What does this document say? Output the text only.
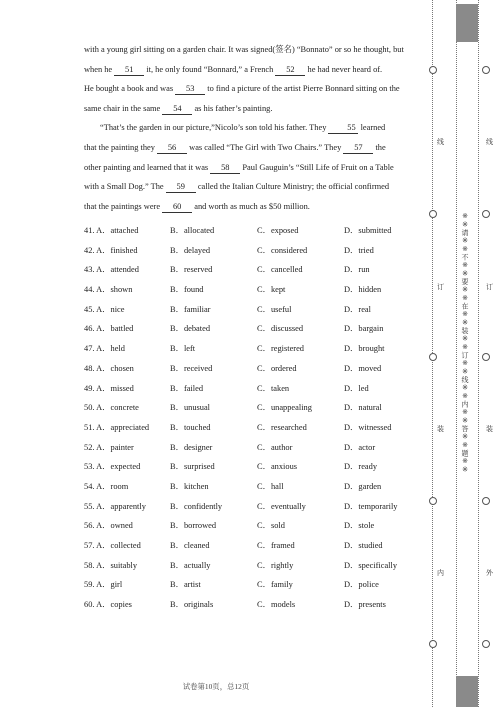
with a young girl sitting on a garden chair. It was signed(签名) “Bonnato” or so he thought, but

when he 51 it, he only found “Bonnard,” a French 52 he had never heard of.

He bought a book and was 53 to find a picture of the artist Pierre Bonnard sitting on the

same chair in the same 54 as his father’s painting.

“That’s the garden in our picture,”Nicolo’s son told his father. They 55 learned

that the painting they 56 was called “The Girl with Two Chairs.” They 57 the

other painting and learned that it was 58 Paul Gauguin’s “Still Life of Fruit on a Table

with a Small Dog.” The 59 called the Italian Culture Ministry; the official confirmed

that the paintings were 60 and worth as much as $50 million.

41. A．attached	B．allocated	C．exposed	D．submitted
42. A．finished	B．delayed	C．considered	D．tried
43. A．attended	B．reserved	C．cancelled	D．run
44. A．shown	B．found	C．kept	D．hidden
45. A．nice	B．familiar	C．useful	D．real
46. A．battled	B．debated	C．discussed	D．bargain
47. A．held	B．left	C．registered	D．brought
48. A．chosen	B．received	C．ordered	D．moved
49. A．missed	B．failed	C．taken	D．led
50. A．concrete	B．unusual	C．unappealing	D．natural
51. A．appreciated B．touched	C．researched	D．witnessed
52. A．painter	B．designer	C．author	D．actor
53. A．expected	B．surprised	C．anxious	D．ready
54. A．room	B．kitchen	C．hall	D．garden
55. A．apparently	B．confidently	C．eventually	D．temporarily
56. A．owned	B．borrowed	C．sold	D．stole
57. A．collected	B．cleaned	C．framed	D．studied
58. A．suitably	B．actually	C．rightly	D．specifically
59. A．girl	B．artist	C．family	D．police
60. A．copies	B．originals	C．models	D．presents
试卷第10页，总12页
线
订
装
内
线
订
装
外
※※请※※不※※要※※在※※装※※订※※线※※内※※答※※题※※
